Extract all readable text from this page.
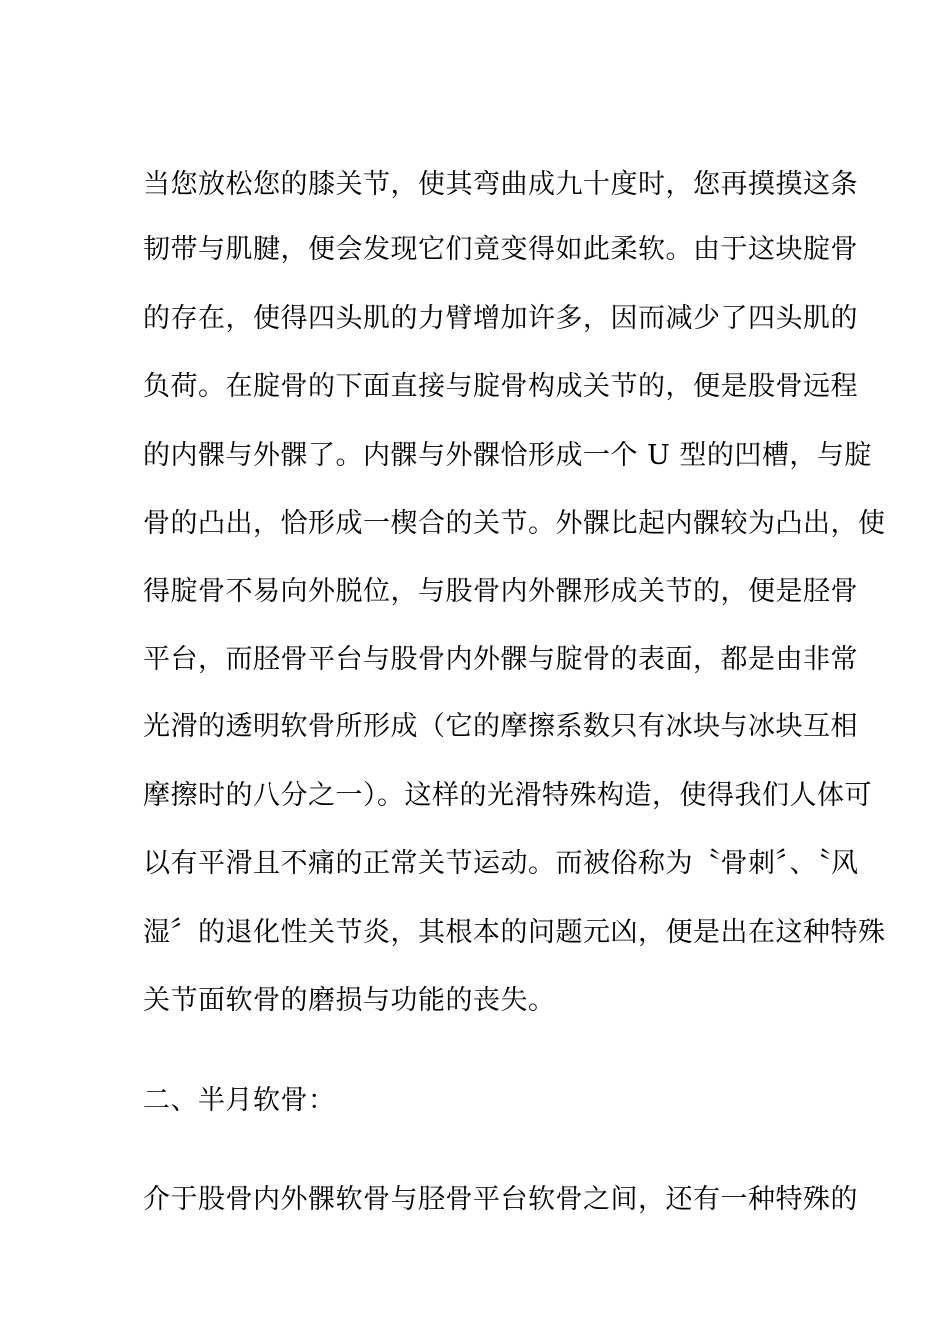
当您放松您的膝关节，使其弯曲成九十度时，您再摸摸这条
韧带与肌腱，便会发现它们竟变得如此柔软。由于这块腚骨
的存在，使得四头肌的力臂增加许多，因而减少了四头肌的
负荷。在腚骨的下面直接与腚骨构成关节的，便是股骨远程
的内髁与外髁了。内髁与外髁恰形成一个 U 型的凹槽，与腚
骨的凸出，恰形成一楔合的关节。外髁比起内髁较为凸出，使
得腚骨不易向外脱位，与股骨内外髁形成关节的，便是胫骨
平台，而胫骨平台与股骨内外髁与腚骨的表面，都是由非常
光滑的透明软骨所形成（它的摩擦系数只有冰块与冰块互相
摩擦时的八分之一）。这样的光滑特殊构造，使得我们人体可
以有平滑且不痛的正常关节运动。而被俗称为〝骨刺〞、〝风
湿〞的退化性关节炎，其根本的问题元凶，便是出在这种特殊
关节面软骨的磨损与功能的丧失。
二、半月软骨：
介于股骨内外髁软骨与胫骨平台软骨之间，还有一种特殊的
